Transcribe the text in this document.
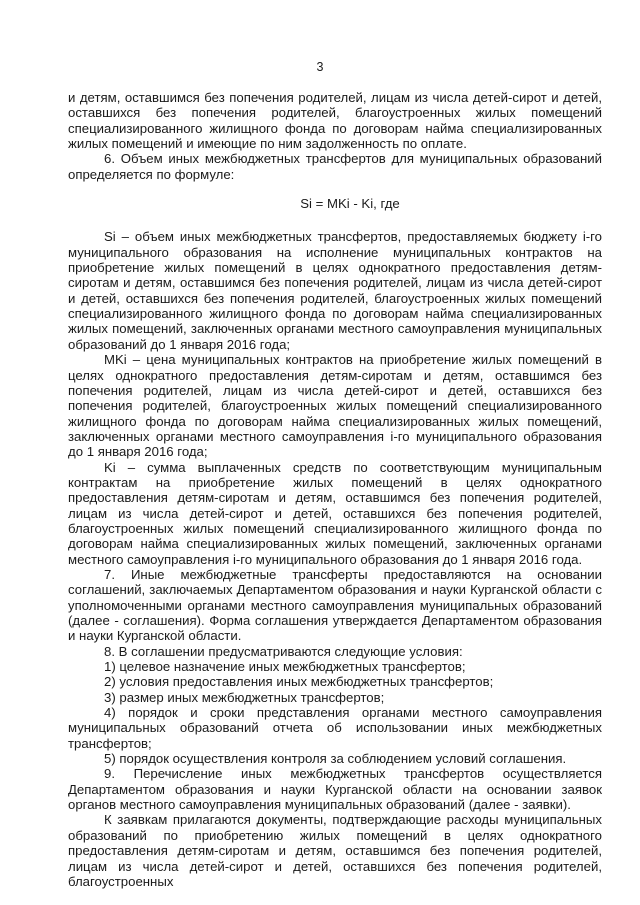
3

и детям, оставшимся без попечения родителей, лицам из числа детей-сирот и детей, оставшихся без попечения родителей, благоустроенных жилых помещений специализированного жилищного фонда по договорам найма специализированных жилых помещений и имеющие по ним задолженность по оплате.

6. Объем иных межбюджетных трансфертов для муниципальных образований определяется по формуле:

Si = MKi - Ki, где

Si – объем иных межбюджетных трансфертов, предоставляемых бюджету i-го муниципального образования на исполнение муниципальных контрактов на приобретение жилых помещений в целях однократного предоставления детям-сиротам и детям, оставшимся без попечения родителей, лицам из числа детей-сирот и детей, оставшихся без попечения родителей, благоустроенных жилых помещений специализированного жилищного фонда по договорам найма специализированных жилых помещений, заключенных органами местного самоуправления муниципальных образований до 1 января 2016 года;

MKi – цена муниципальных контрактов на приобретение жилых помещений в целях однократного предоставления детям-сиротам и детям, оставшимся без попечения родителей, лицам из числа детей-сирот и детей, оставшихся без попечения родителей, благоустроенных жилых помещений специализированного жилищного фонда по договорам найма специализированных жилых помещений, заключенных органами местного самоуправления i-го муниципального образования до 1 января 2016 года;

Ki – сумма выплаченных средств по соответствующим муниципальным контрактам на приобретение жилых помещений в целях однократного предоставления детям-сиротам и детям, оставшимся без попечения родителей, лицам из числа детей-сирот и детей, оставшихся без попечения родителей, благоустроенных жилых помещений специализированного жилищного фонда по договорам найма специализированных жилых помещений, заключенных органами местного самоуправления i-го муниципального образования до 1 января 2016 года.

7. Иные межбюджетные трансферты предоставляются на основании соглашений, заключаемых Департаментом образования и науки Курганской области с уполномоченными органами местного самоуправления муниципальных образований (далее - соглашения). Форма соглашения утверждается Департаментом образования и науки Курганской области.

8. В соглашении предусматриваются следующие условия:

1) целевое назначение иных межбюджетных трансфертов;

2) условия предоставления иных межбюджетных трансфертов;

3) размер иных межбюджетных трансфертов;

4) порядок и сроки представления органами местного самоуправления муниципальных образований отчета об использовании иных межбюджетных трансфертов;

5) порядок осуществления контроля за соблюдением условий соглашения.

9. Перечисление иных межбюджетных трансфертов осуществляется Департаментом образования и науки Курганской области на основании заявок органов местного самоуправления муниципальных образований (далее - заявки).

К заявкам прилагаются документы, подтверждающие расходы муниципальных образований по приобретению жилых помещений в целях однократного предоставления детям-сиротам и детям, оставшимся без попечения родителей, лицам из числа детей-сирот и детей, оставшихся без попечения родителей, благоустроенных
